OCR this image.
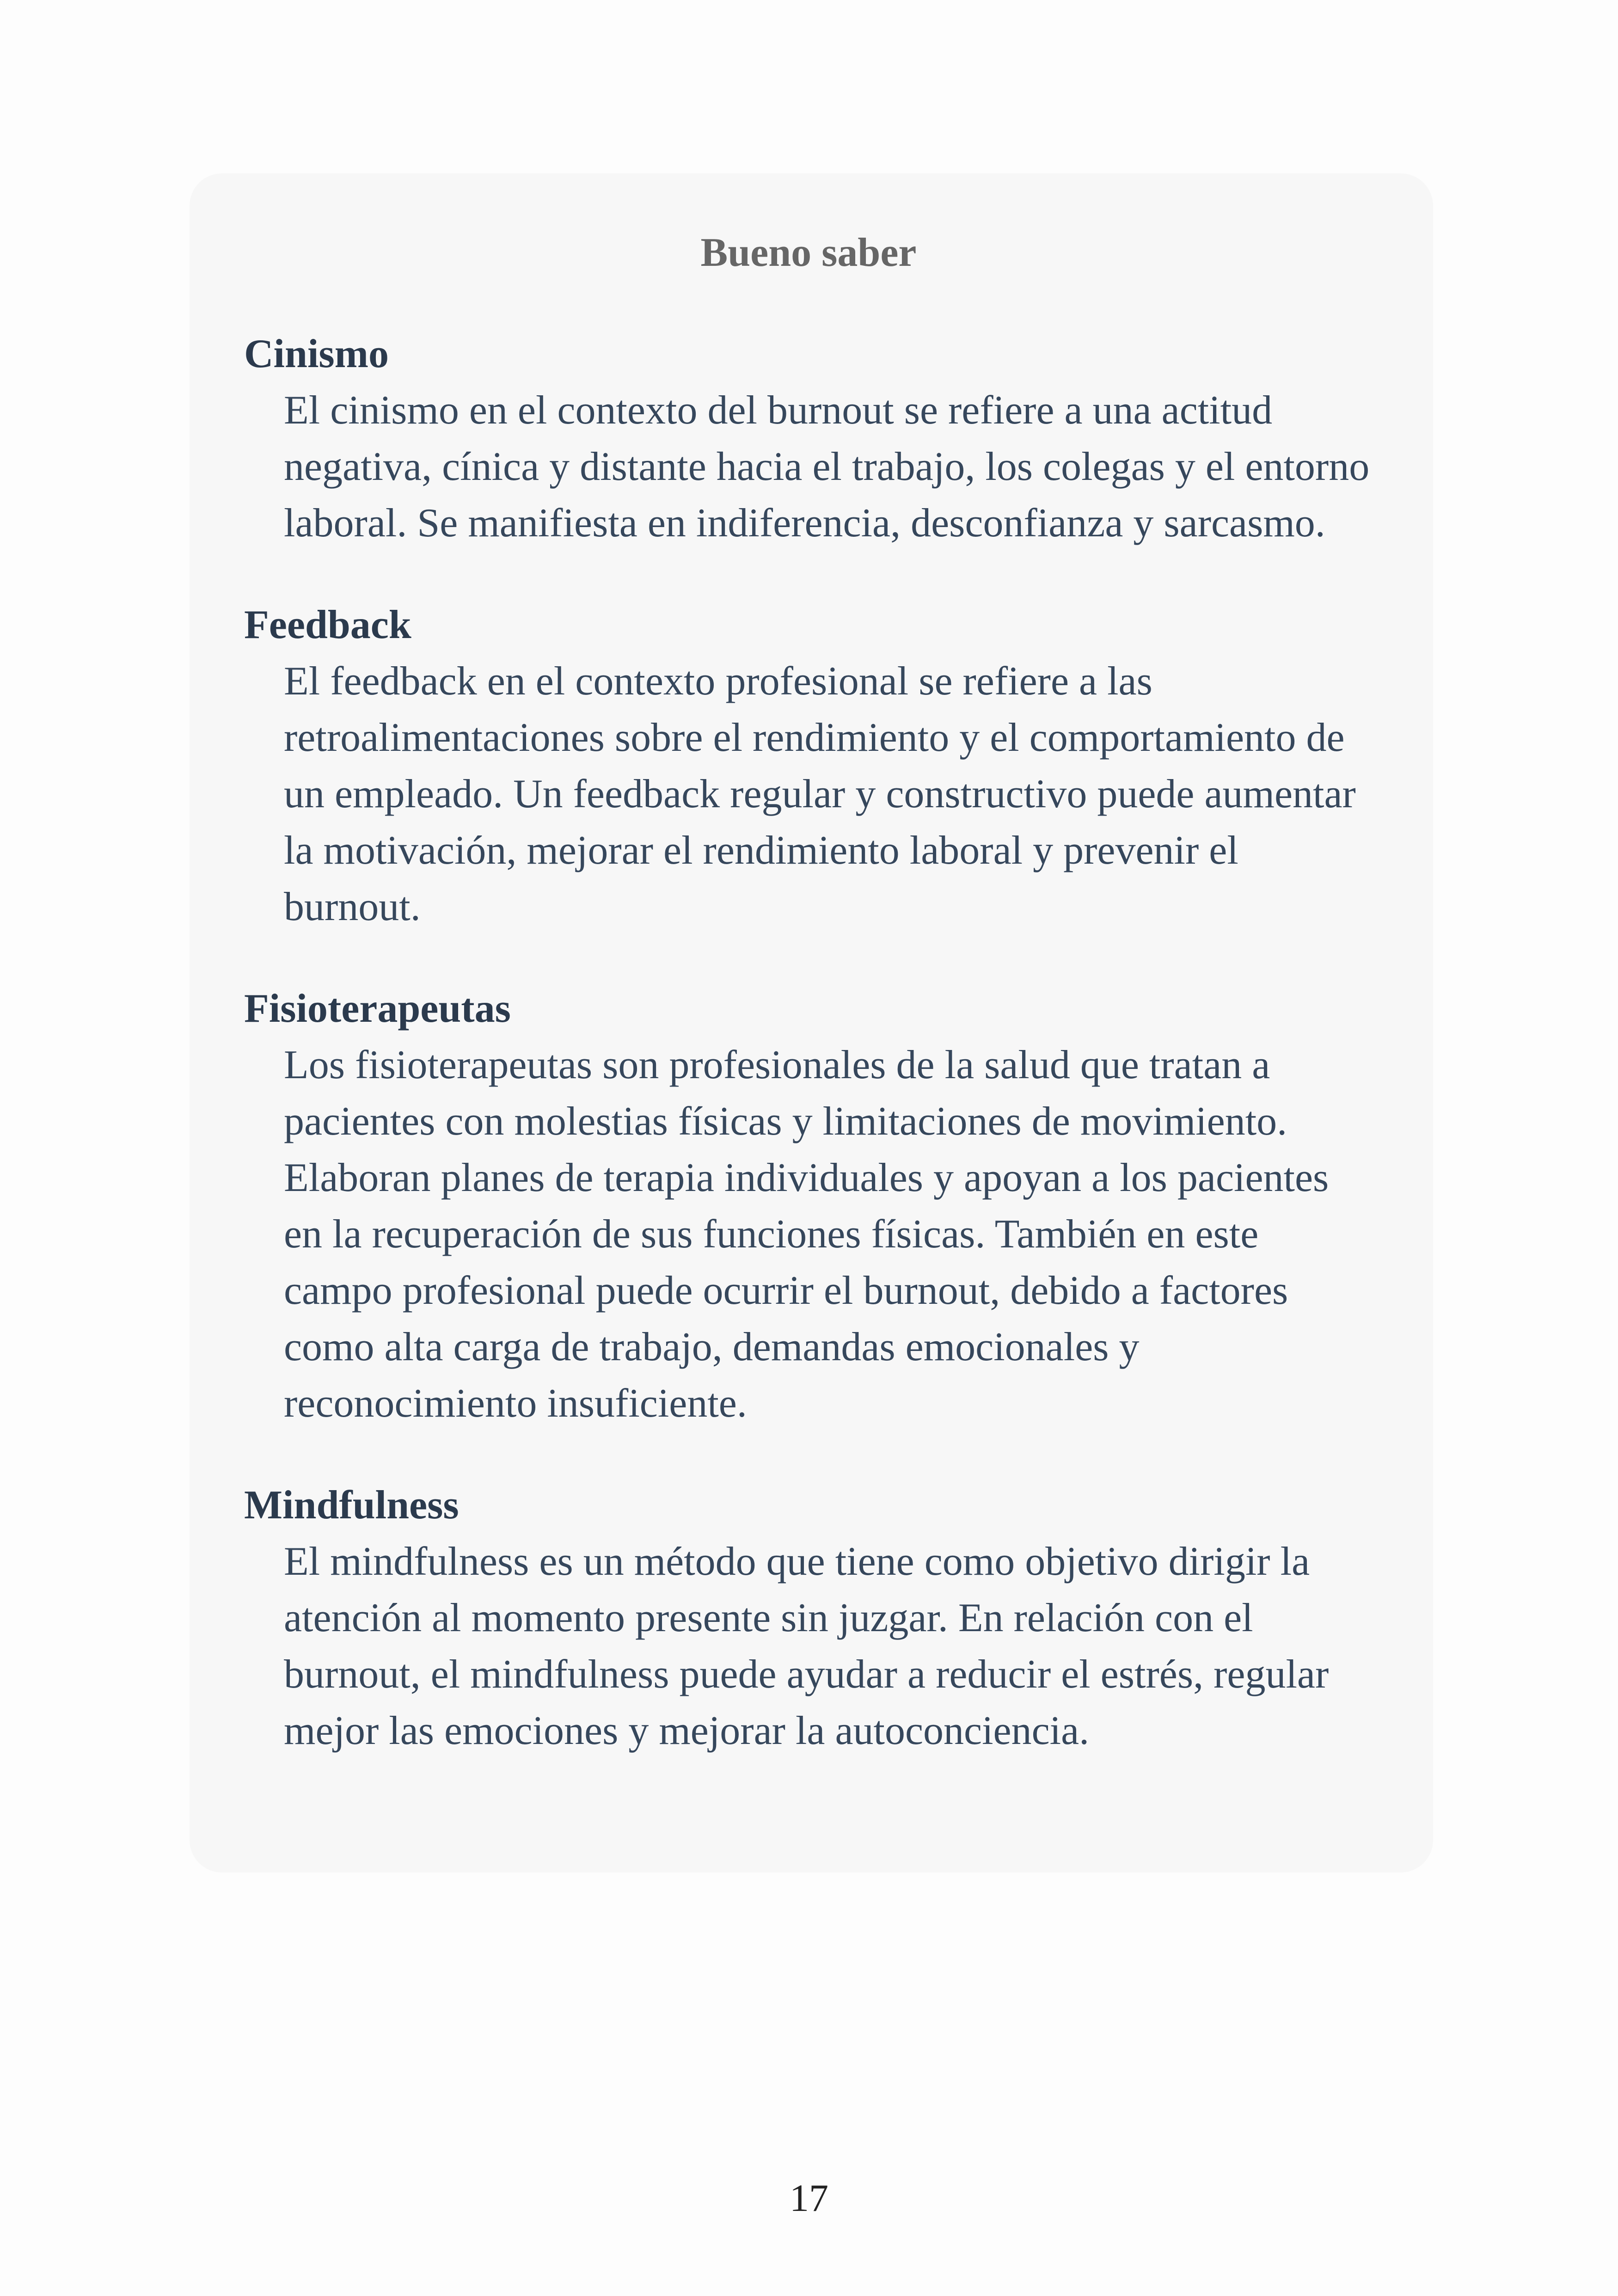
Bueno saber
Cinismo
El cinismo en el contexto del burnout se refiere a una actitud negativa, cínica y distante hacia el trabajo, los colegas y el entorno laboral. Se manifiesta en indiferencia, desconfianza y sarcasmo.
Feedback
El feedback en el contexto profesional se refiere a las retroalimentaciones sobre el rendimiento y el comportamiento de un empleado. Un feedback regular y constructivo puede aumentar la motivación, mejorar el rendimiento laboral y prevenir el burnout.
Fisioterapeutas
Los fisioterapeutas son profesionales de la salud que tratan a pacientes con molestias físicas y limitaciones de movimiento. Elaboran planes de terapia individuales y apoyan a los pacientes en la recuperación de sus funciones físicas. También en este campo profesional puede ocurrir el burnout, debido a factores como alta carga de trabajo, demandas emocionales y reconocimiento insuficiente.
Mindfulness
El mindfulness es un método que tiene como objetivo dirigir la atención al momento presente sin juzgar. En relación con el burnout, el mindfulness puede ayudar a reducir el estrés, regular mejor las emociones y mejorar la autoconciencia.
17
